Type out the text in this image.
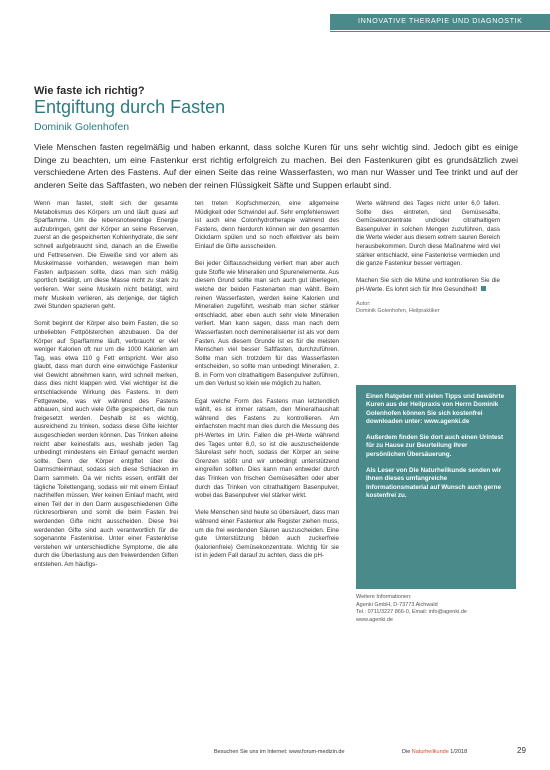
INNOVATIVE THERAPIE UND DIAGNOSTIK
Wie faste ich richtig?
Entgiftung durch Fasten
Dominik Golenhofen
Viele Menschen fasten regelmäßig und haben erkannt, dass solche Kuren für uns sehr wichtig sind. Jedoch gibt es einige Dinge zu beachten, um eine Fastenkur erst richtig erfolgreich zu machen. Bei den Fastenkuren gibt es grundsätzlich zwei verschiedene Arten des Fastens. Auf der einen Seite das reine Wasserfasten, wo man nur Wasser und Tee trinkt und auf der anderen Seite das Saftfasten, wo neben der reinen Flüssigkeit Säfte und Suppen erlaubt sind.

Wenn man fastet, stellt sich der gesamte Metabolismus des Körpers um und läuft quasi auf Sparflamme. Um die lebensnotwendige Energie aufzubringen, geht der Körper an seine Reserven, zuerst an die gespeicherten Kohlenhydrate, die sehr schnell aufgebraucht sind, danach an die Eiweiße und Fettreserven. Die Eiweiße sind vor allem als Muskelmasse vorhanden, weswegen man beim Fasten aufpassen sollte, dass man sich mäßig sportlich betätigt, um diese Masse nicht zu stark zu verlieren. Wer seine Muskeln nicht betätigt, wird mehr Muskeln verlieren, als derjenige, der täglich zwei Stunden spazieren geht.

Somit beginnt der Körper also beim Fasten, die so unbeliebten Fettpölsterchen abzubauen. Da der Körper auf Sparflamme läuft, verbraucht er viel weniger Kalorien oft nur um die 1000 Kalorien am Tag, was etwa 110 g Fett entspricht. Wer also glaubt, dass man durch eine einwöchige Fastenkur viel Gewicht abnehmen kann, wird schnell merken, dass dies nicht klappen wird. Viel wichtiger ist die entschlackende Wirkung des Fastens. In dem Fettgewebe, was wir während des Fastens abbauen, sind auch viele Gifte gespeichert, die nun freigesetzt werden. Deshalb ist es wichtig, ausreichend zu trinken, sodass diese Gifte leichter ausgeschieden werden können. Das Trinken alleine reicht aber keinesfalls aus, weshalb jeden Tag unbedingt mindestens ein Einlauf gemacht werden sollte. Denn der Körper entgiftet über die Darmschleimhaut, sodass sich diese Schlacken im Darm sammeln. Da wir nichts essen, entfällt der tägliche Toilettengang, sodass wir mit einem Einlauf nachhelfen müssen. Wer keinen Einlauf macht, wird einen Teil der in den Darm ausgeschiedenen Gifte rückresorbieren und somit die beim Fasten frei werdenden Gifte nicht ausscheiden. Diese frei werdenden Gifte sind auch verantwortlich für die sogenannte Fastenkrise. Unter einer Fastenkrise verstehen wir unterschiedliche Symptome, die alle durch die Überlastung aus den freiwerdenden Giften entstehen. Am häufigs-

ten treten Kopfschmerzen, eine allgemeine Müdigkeit oder Schwindel auf. Sehr empfehlenswert ist auch eine Colonhydrotherapie während des Fastens, denn hierdurch können wir den gesamten Dickdarm spülen und so noch effektiver als beim Einlauf die Gifte ausscheiden.

Bei jeder Giftausscheidung verliert man aber auch gute Stoffe wie Mineralien und Spurenelemente. Aus diesem Grund sollte man sich auch gut überlegen, welche der beiden Fastenarten man wählt. Beim reinen Wasserfasten, werden keine Kalorien und Mineralien zugeführt, weshalb man sicher stärker entschlackt, aber eben auch sehr viele Mineralien verliert. Man kann sagen, dass man nach dem Wasserfasten noch demineralisierter ist als vor dem Fasten. Aus diesem Grunde ist es für die meisten Menschen viel besser Saftfasten, durchzuführen. Sollte man sich trotzdem für das Wasserfasten entscheiden, so sollte man unbedingt Mineralien, z. B. in Form von citrathaltigem Basenpulver zuführen, um den Verlust so klein wie möglich zu halten.

Egal welche Form des Fastens man letztendlich wählt, es ist immer ratsam, den Mineralhaushalt während des Fastens zu kontrollieren. Am einfachsten macht man dies durch die Messung des pH-Wertes im Urin. Fallen die pH-Werte während des Tages unter 6,0, so ist die auszuscheidende Säurelast sehr hoch, sodass der Körper an seine Grenzen stößt und wir unbedingt unterstützend eingreifen sollten. Dies kann man entweder durch das Trinken von frischen Gemüsesäften oder aber durch das Trinken von citrathaltigem Basenpulver, wobei das Basenpulver viel stärker wirkt.

Viele Menschen sind heute so übersäuert, dass man während einer Fastenkur alle Register ziehen muss, um die frei werdenden Säuren auszuscheiden. Eine gute Unterstützung bilden auch zuckerfreie (kalorienfreie) Gemüsekonzentrate. Wichtig für sie ist in jedem Fall darauf zu achten, dass die pH-

Werte während des Tages nicht unter 6,0 fallen. Sollte dies eintreten, sind Gemüsesäfte, Gemüsekonzentrate und/oder citrathaltigem Basenpulver in solchen Mengen zuzuführen, dass die Werte wieder aus diesem extrem sauren Bereich herausbekommen. Durch diese Maßnahme wird viel stärker entschlackt, eine Fastenkrise vermieden und die ganze Fastenkur besser vertragen.

Machen Sie sich die Mühe und kontrollieren Sie die pH-Werte. Es lohnt sich für Ihre Gesundheit!

Autor:
Dominik Golenhofen, Heilpraktiker

Einen Ratgeber mit vielen Tipps und bewährte Kuren aus der Heilpraxis von Herrn Dominik Golenhofen können Sie sich kostenfrei downloaden unter: www.agenki.de

Außerdem finden Sie dort auch einen Urintest für zu Hause zur Beurteilung Ihrer persönlichen Übersäuerung.

Als Leser von Die Naturheilkunde senden wir Ihnen dieses umfangreiche Informationsmaterial auf Wunsch auch gerne kostenfrei zu.

Weitere Informationen:
Agenki GmbH, D-73773 Aichwald
Tel.: 0711/3227 866-0, Email: info@agenki.de
www.agenki.de
Besuchen Sie uns im Internet: www.forum-medizin.de	Die Naturheilkunde 1/2018	29
